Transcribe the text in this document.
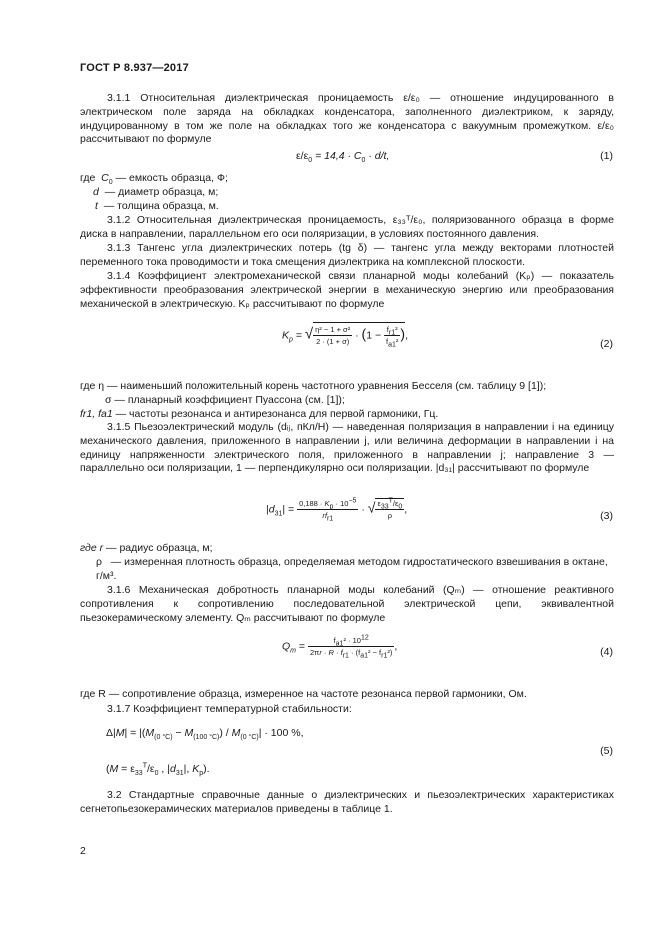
ГОСТ Р 8.937—2017
3.1.1 Относительная диэлектрическая проницаемость ε/ε₀ — отношение индуцированного в электрическом поле заряда на обкладках конденсатора, заполненного диэлектриком, к заряду, индуцированному в том же поле на обкладках того же конденсатора с вакуумным промежутком. ε/ε₀ рассчитывают по формуле
$\varepsilon/\varepsilon_0 = 14,4 \cdot C_0 \cdot d/t$,	(1)
где  $C_0$ — емкость образца, Ф;
d — диаметр образца, м;
t — толщина образца, м.
3.1.2 Относительная диэлектрическая проницаемость, ε₃₃ᵀ/ε₀, поляризованного образца в форме диска в направлении, параллельном его оси поляризации, в условиях постоянного давления.
3.1.3 Тангенс угла диэлектрических потерь (tg δ) — тангенс угла между векторами плотностей переменного тока проводимости и тока смещения диэлектрика на комплексной плоскости.
3.1.4 Коэффициент электромеханической связи планарной моды колебаний (Kₚ) — показатель эффективности преобразования электрической энергии в механическую энергию или преобразования механической в электрическую. Kₚ рассчитывают по формуле
$K_p$ = √ $\frac{\text{η² − 1 + σ²}}{2 \cdot (1 + \sigma)} \cdot (1 - \frac{f_{r1}^2}{f_{a1}^2}$ ),
(2)
где η — наименьший положительный корень частотного уравнения Бесселя (см. таблицу 9 [1]);
σ — планарный коэффициент Пуассона (см. [1]);
fr1, fa1 — частоты резонанса и антирезонанса для первой гармоники, Гц.
3.1.5 Пьезоэлектрический модуль (dᵢⱼ, пКл/Н) — наведенная поляризация в направлении i на единицу механического давления, приложенного в направлении j, или величина деформации в направлении i на единицу напряженности электрического поля, приложенного в направлении j; направление 3 — параллельно оси поляризации, 1 — перпендикулярно оси поляризации. |d₃₁| рассчитывают по формуле
$|d_{31}| = \frac{0,188 \cdot K_p \cdot 10^{-5}}{rf_{r1}}$ · √ $\frac{\varepsilon_{33}^T/\varepsilon_0}{\rho}$ ,
(3)
где r — радиус образца, м;
ρ — измеренная плотность образца, определяемая методом гидростатического взвешивания в октане, г/м³.
3.1.6 Механическая добротность планарной моды колебаний (Qₘ) — отношение реактивного сопротивления к сопротивлению последовательной электрической цепи, эквивалентной пьезокерамическому элементу. Qₘ рассчитывают по формуле
$Q_m = \frac{f_{a1}^2 \cdot 10^{12}}{2\pi r \cdot R \cdot f_{r1} \cdot (f_{a1}^2 - f_{r1}^2)}$ ,	(4)
где R — сопротивление образца, измеренное на частоте резонанса первой гармоники, Ом.
3.1.7 Коэффициент температурной стабильности:
$\Delta|M| = |(M_{(0 ^\circ C)} - M_{(100 ^\circ C)}) / M_{(0 ^\circ C)}| \cdot 100$ %,
($M = \varepsilon_{33}^T/\varepsilon_0$ , $|d_{31}|$, $K_p$).
(5)
3.2 Стандартные справочные данные о диэлектрических и пьезоэлектрических характеристиках сегнетопьезокерамических материалов приведены в таблице 1.
2
